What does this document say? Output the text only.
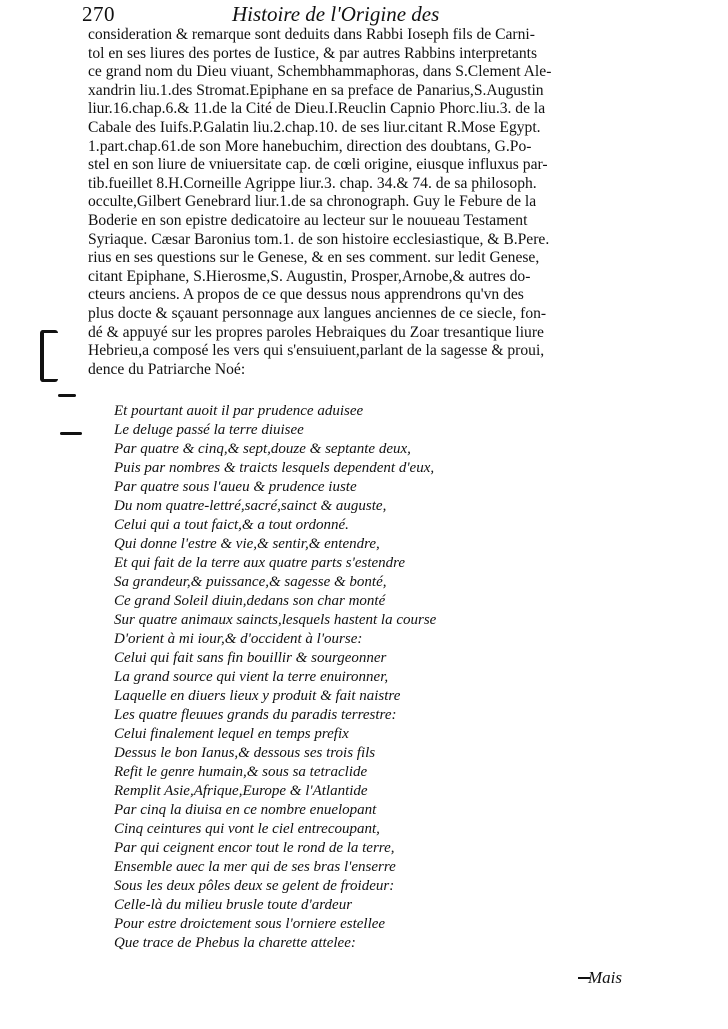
270	Histoire de l'Origine des
consideration & remarque sont deduits dans Rabbi Ioseph fils de Carni-
tol en ses liures des portes de Iustice, & par autres Rabbins interpretants
ce grand nom du Dieu viuant, Schembhammaphoras, dans S.Clement Ale-
xandrin liu.1.des Stromat.Epiphane en sa preface de Panarius,S.Augustin
liur.16.chap.6.& 11.de la Cité de Dieu.I.Reuclin Capnio Phorc.liu.3. de la
Cabale des Iuifs.P.Galatin liu.2.chap.10. de ses liur.citant R.Mose Egypt.
1.part.chap.61.de son More hanebuchim, direction des doubtans, G.Po-
stel en son liure de vniuersitate cap. de cœli origine, eiusque influxus par-
tib.fueillet 8.H.Corneille Agrippe liur.3. chap. 34.& 74. de sa philosoph.
occulte,Gilbert Genebrard liur.1.de sa chronograph. Guy le Febure de la
Boderie en son epistre dedicatoire au lecteur sur le nouueau Testament
Syriaque. Cæsar Baronius tom.1. de son histoire ecclesiastique, & B.Pere.
rius en ses questions sur le Genese, & en ses comment. sur ledit Genese,
citant Epiphane, S.Hierosme,S. Augustin, Prosper,Arnobe,& autres do-
cteurs anciens. A propos de ce que dessus nous apprendrons qu'vn des
plus docte & sçauant personnage aux langues anciennes de ce siecle, fon-
dé & appuyé sur les propres paroles Hebraiques du Zoar tresantique liure
Hebrieu,a composé les vers qui s'ensuiuent,parlant de la sagesse & proui,
dence du Patriarche Noé:
Et pourtant auoit il par prudence aduisee
Le deluge passé la terre diuisee
Par quatre & cinq,& sept,douze & septante deux,
Puis par nombres & traicts lesquels dependent d'eux,
Par quatre sous l'aueu & prudence iuste
Du nom quatre-lettré,sacré,sainct & auguste,
Celui qui a tout faict,& a tout ordonné.
Qui donne l'estre & vie,& sentir,& entendre,
Et qui fait de la terre aux quatre parts s'estendre
Sa grandeur,& puissance,& sagesse & bonté,
Ce grand Soleil diuin,dedans son char monté
Sur quatre animaux saincts,lesquels hastent la course
D'orient à mi iour,& d'occident à l'ourse:
Celui qui fait sans fin bouillir & sourgeonner
La grand source qui vient la terre enuironner,
Laquelle en diuers lieux y produit & fait naistre
Les quatre fleuues grands du paradis terrestre:
Celui finalement lequel en temps prefix
Dessus le bon Ianus,& dessous ses trois fils
Refit le genre humain,& sous sa tetraclide
Remplit Asie,Afrique,Europe & l'Atlantide
Par cinq la diuisa en ce nombre enuelopant
Cinq ceintures qui vont le ciel entrecoupant,
Par qui ceignent encor tout le rond de la terre,
Ensemble auec la mer qui de ses bras l'enserre
Sous les deux pôles deux se gelent de froideur:
Celle-là du milieu brusle toute d'ardeur
Pour estre droictement sous l'orniere estellee
Que trace de Phebus la charette attelee:
Mais
